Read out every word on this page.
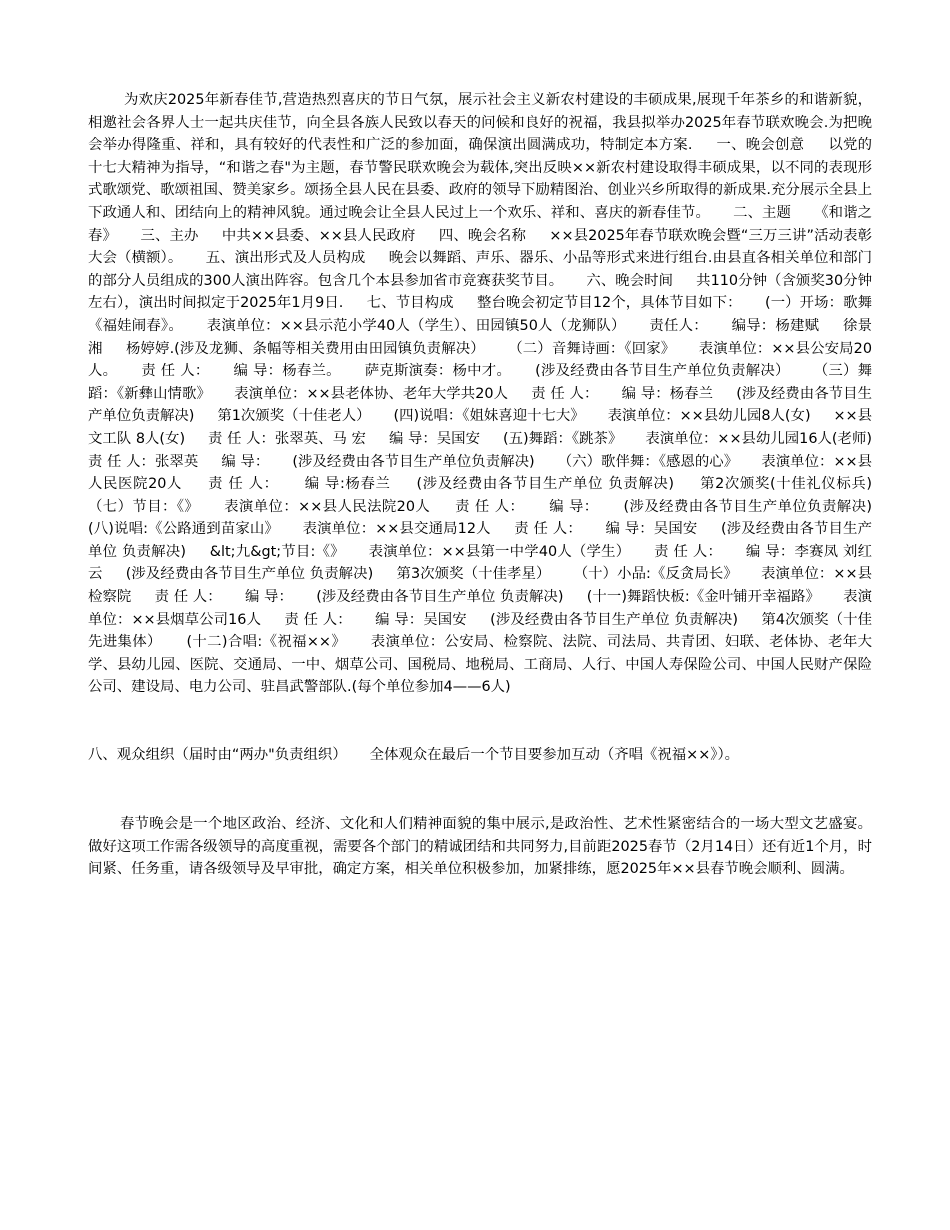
为欢庆2025年新春佳节,营造热烈喜庆的节日气氛，展示社会主义新农村建设的丰硕成果,展现千年茶乡的和谐新貌，相邀社会各界人士一起共庆佳节，向全县各族人民致以春天的问候和良好的祝福，我县拟举办2025年春节联欢晚会.为把晚会举办得隆重、祥和，具有较好的代表性和广泛的参加面，确保演出圆满成功，特制定本方案.     一、晚会创意     以党的十七大精神为指导，“和谐之春"为主题，春节警民联欢晚会为载体,突出反映××新农村建设取得丰硕成果，以不同的表现形式歌颂党、歌颂祖国、赞美家乡。颂扬全县人民在县委、政府的领导下励精图治、创业兴乡所取得的新成果.充分展示全县上下政通人和、团结向上的精神风貌。通过晚会让全县人民过上一个欢乐、祥和、喜庆的新春佳节。     二、主题     《和谐之春》     三、主办     中共××县委、××县人民政府     四、晚会名称     ××县2025年春节联欢晚会暨“三万三讲”活动表彰大会（横额）。     五、演出形式及人员构成     晚会以舞蹈、声乐、器乐、小品等形式来进行组台.由县直各相关单位和部门的部分人员组成的300人演出阵容。包含几个本县参加省市竞赛获奖节目。     六、晚会时间     共110分钟（含颁奖30分钟左右），演出时间拟定于2025年1月9日.     七、节目构成     整台晚会初定节目12个，具体节目如下：     (一）开场：歌舞《福娃闹春》。     表演单位：××县示范小学40人（学生）、田园镇50人（龙狮队）     责任人：     编导：杨建赋     徐景湘     杨婷婷.(涉及龙狮、条幅等相关费用由田园镇负责解决）     （二）音舞诗画：《回家》     表演单位：××县公安局20人。     责 任 人：     编 导：杨春兰。     萨克斯演奏：杨中才。     (涉及经费由各节目生产单位负责解决）     （三）舞蹈：《新彝山情歌》     表演单位：××县老体协、老年大学共20人     责 任 人：     编 导：杨春兰     (涉及经费由各节目生产单位负责解决)     第1次颁奖（十佳老人）     (四)说唱：《姐妹喜迎十七大》     表演单位：××县幼儿园8人(女)     ××县文工队 8人(女)     责 任 人：张翠英、马 宏     编 导：吴国安     (五)舞蹈：《跳茶》     表演单位：××县幼儿园16人(老师)     责 任 人：张翠英     编 导：     (涉及经费由各节目生产单位负责解决)     （六）歌伴舞：《感恩的心》     表演单位：××县人民医院20人     责 任 人：     编 导:杨春兰     (涉及经费由各节目生产单位 负责解决)     第2次颁奖(十佳礼仪标兵)     （七）节目：《》     表演单位：××县人民法院20人     责 任 人：     编 导：     (涉及经费由各节目生产单位负责解决)     (八)说唱:《公路通到苗家山》     表演单位：××县交通局12人     责 任 人：     编 导：吴国安     (涉及经费由各节目生产单位 负责解决)     &lt;九&gt;节目:《》     表演单位：××县第一中学40人（学生）     责 任 人：     编 导：李赛凤 刘红云     (涉及经费由各节目生产单位 负责解决)     第3次颁奖（十佳孝星）     （十）小品:《反贪局长》     表演单位：××县检察院     责 任 人：     编 导：     (涉及经费由各节目生产单位 负责解决)     (十一)舞蹈快板:《金叶铺开幸福路》     表演单位：××县烟草公司16人     责 任 人：     编 导：吴国安     (涉及经费由各节目生产单位 负责解决)     第4次颁奖（十佳先进集体）     (十二)合唱:《祝福××》     表演单位：公安局、检察院、法院、司法局、共青团、妇联、老体协、老年大学、县幼儿园、医院、交通局、一中、烟草公司、国税局、地税局、工商局、人行、中国人寿保险公司、中国人民财产保险公司、建设局、电力公司、驻昌武警部队.(每个单位参加4——6人)

八、观众组织（届时由“两办"负责组织）     全体观众在最后一个节目要参加互动（齐唱《祝福××》）。

春节晚会是一个地区政治、经济、文化和人们精神面貌的集中展示,是政治性、艺术性紧密结合的一场大型文艺盛宴。做好这项工作需各级领导的高度重视，需要各个部门的精诚团结和共同努力,目前距2025春节（2月14日）还有近1个月，时间紧、任务重，请各级领导及早审批，确定方案，相关单位积极参加，加紧排练，愿2025年××县春节晚会顺利、圆满。
